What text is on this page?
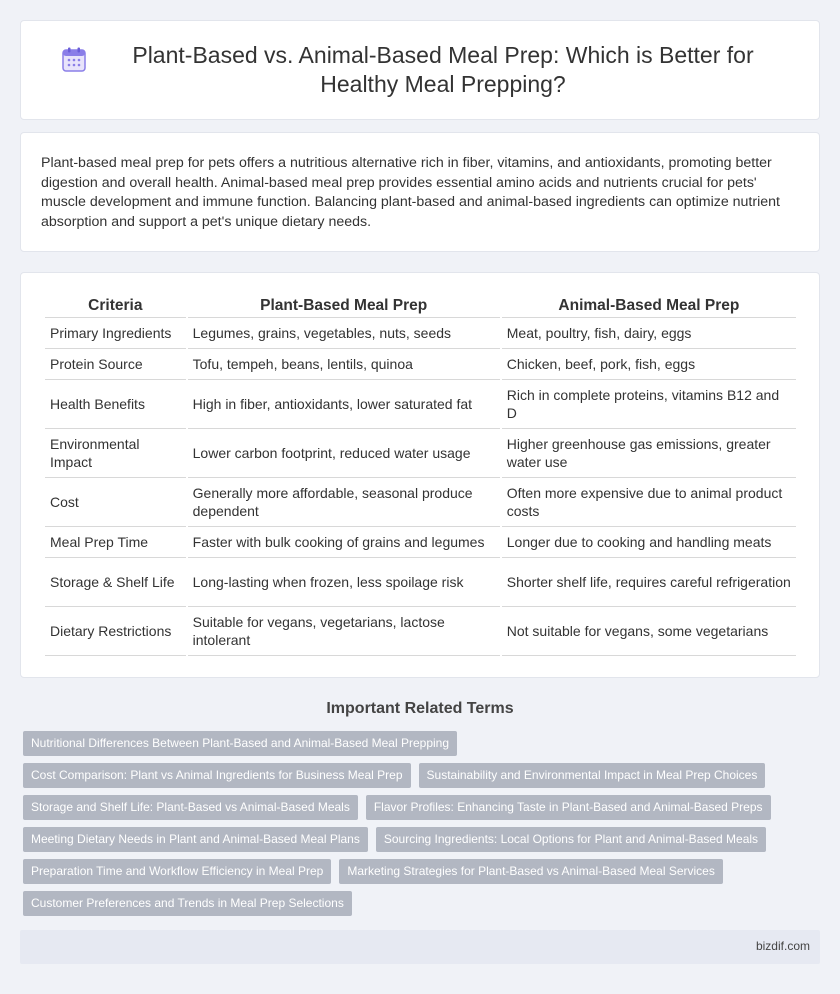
Plant-Based vs. Animal-Based Meal Prep: Which is Better for Healthy Meal Prepping?

Plant-based meal prep for pets offers a nutritious alternative rich in fiber, vitamins, and antioxidants, promoting better digestion and overall health. Animal-based meal prep provides essential amino acids and nutrients crucial for pets' muscle development and immune function. Balancing plant-based and animal-based ingredients can optimize nutrient absorption and support a pet's unique dietary needs.

Criteria	Plant-Based Meal Prep	Animal-Based Meal Prep
Primary Ingredients	Legumes, grains, vegetables, nuts, seeds	Meat, poultry, fish, dairy, eggs
Protein Source	Tofu, tempeh, beans, lentils, quinoa	Chicken, beef, pork, fish, eggs
Health Benefits	High in fiber, antioxidants, lower saturated fat	Rich in complete proteins, vitamins B12 and D
Environmental Impact	Lower carbon footprint, reduced water usage	Higher greenhouse gas emissions, greater water use
Cost	Generally more affordable, seasonal produce dependent	Often more expensive due to animal product costs
Meal Prep Time	Faster with bulk cooking of grains and legumes	Longer due to cooking and handling meats
Storage & Shelf Life	Long-lasting when frozen, less spoilage risk	Shorter shelf life, requires careful refrigeration
Dietary Restrictions	Suitable for vegans, vegetarians, lactose intolerant	Not suitable for vegans, some vegetarians
Important Related Terms
Nutritional Differences Between Plant-Based and Animal-Based Meal Prepping
Cost Comparison: Plant vs Animal Ingredients for Business Meal Prep	Sustainability and Environmental Impact in Meal Prep Choices
Storage and Shelf Life: Plant-Based vs Animal-Based Meals	Flavor Profiles: Enhancing Taste in Plant-Based and Animal-Based Preps
Meeting Dietary Needs in Plant and Animal-Based Meal Plans	Sourcing Ingredients: Local Options for Plant and Animal-Based Meals
Preparation Time and Workflow Efficiency in Meal Prep	Marketing Strategies for Plant-Based vs Animal-Based Meal Services
Customer Preferences and Trends in Meal Prep Selections
bizdif.com
